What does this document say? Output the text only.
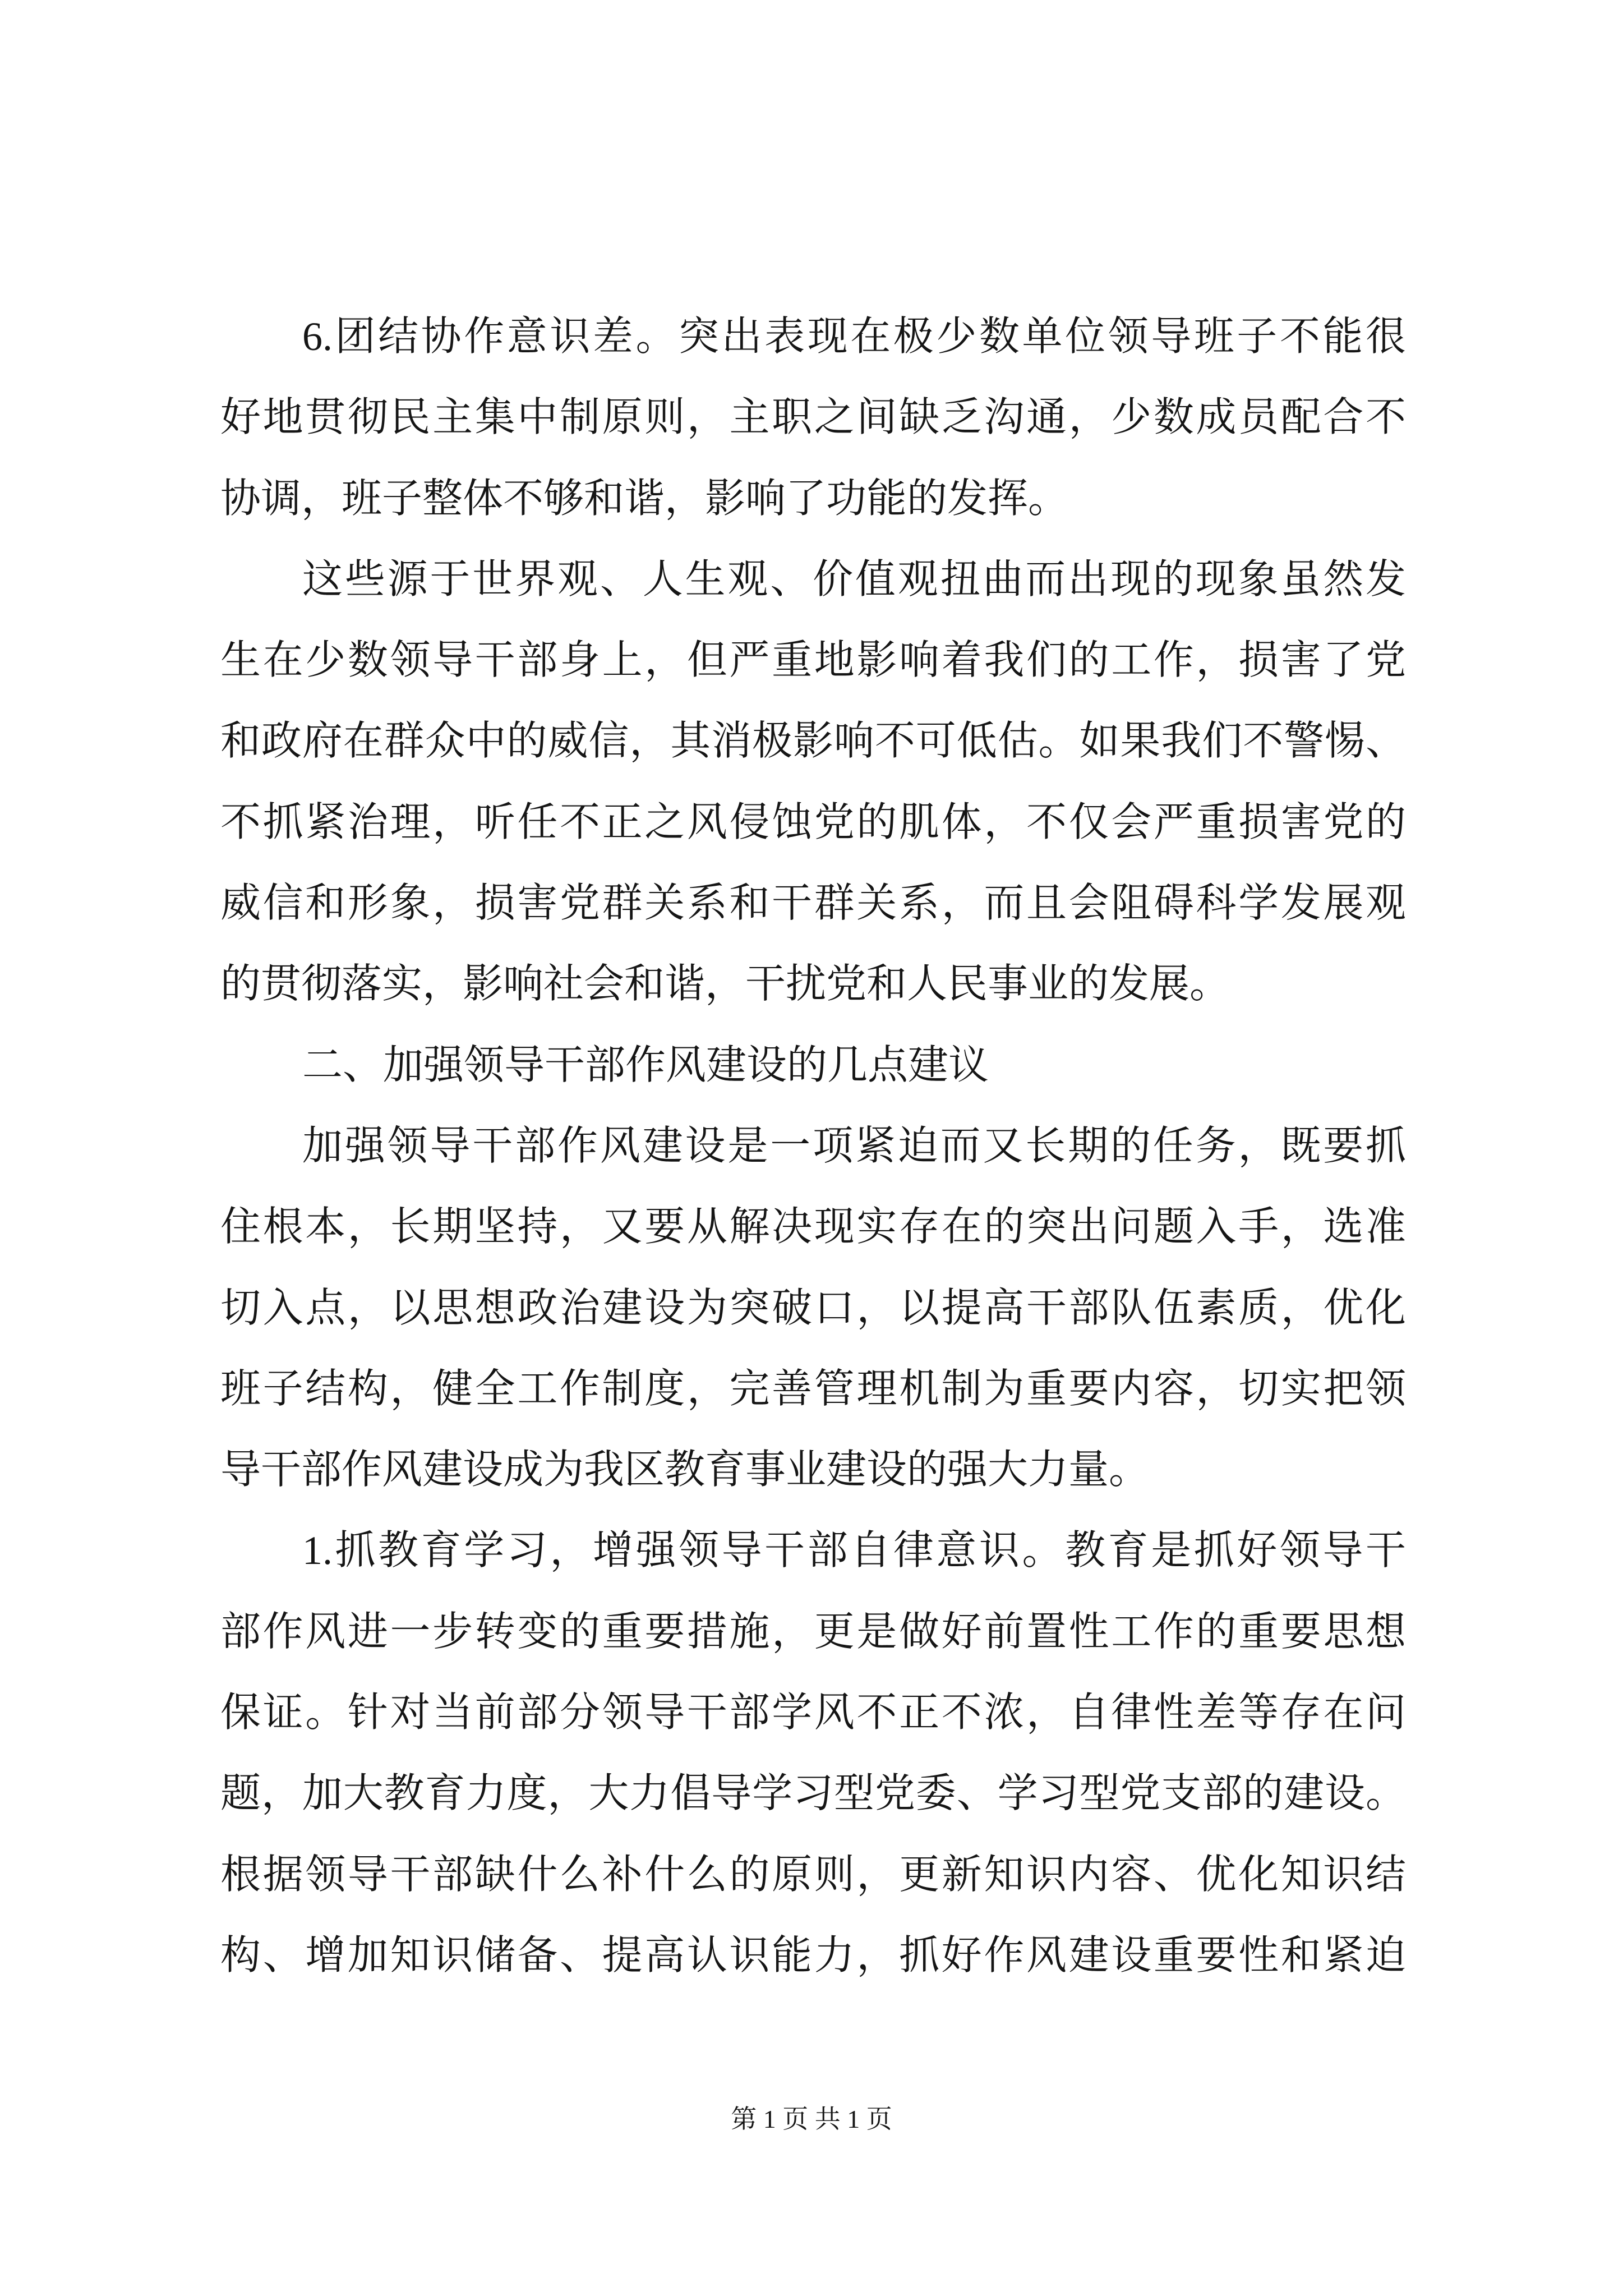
6.团结协作意识差。突出表现在极少数单位领导班子不能很
好地贯彻民主集中制原则，主职之间缺乏沟通，少数成员配合不
协调，班子整体不够和谐，影响了功能的发挥。
这些源于世界观、人生观、价值观扭曲而出现的现象虽然发
生在少数领导干部身上，但严重地影响着我们的工作，损害了党
和政府在群众中的威信，其消极影响不可低估。如果我们不警惕、
不抓紧治理，听任不正之风侵蚀党的肌体，不仅会严重损害党的
威信和形象，损害党群关系和干群关系，而且会阻碍科学发展观
的贯彻落实，影响社会和谐，干扰党和人民事业的发展。
二、加强领导干部作风建设的几点建议
加强领导干部作风建设是一项紧迫而又长期的任务，既要抓
住根本，长期坚持，又要从解决现实存在的突出问题入手，选准
切入点，以思想政治建设为突破口，以提高干部队伍素质，优化
班子结构，健全工作制度，完善管理机制为重要内容，切实把领
导干部作风建设成为我区教育事业建设的强大力量。
1.抓教育学习，增强领导干部自律意识。教育是抓好领导干
部作风进一步转变的重要措施，更是做好前置性工作的重要思想
保证。针对当前部分领导干部学风不正不浓，自律性差等存在问
题，加大教育力度，大力倡导学习型党委、学习型党支部的建设。
根据领导干部缺什么补什么的原则，更新知识内容、优化知识结
构、增加知识储备、提高认识能力，抓好作风建设重要性和紧迫
第 1 页 共 1 页
